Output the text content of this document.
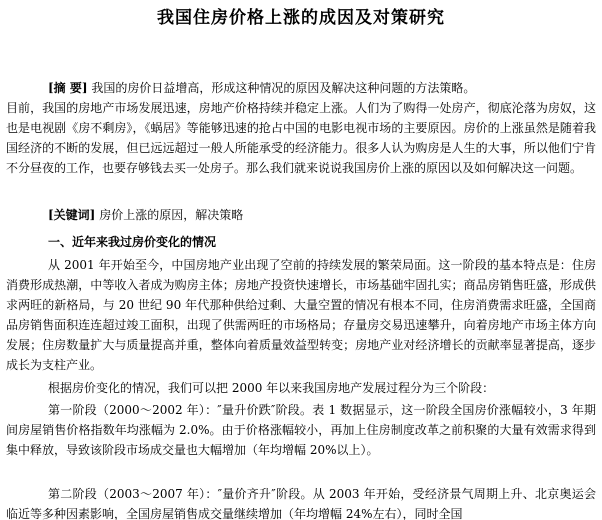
我国住房价格上涨的成因及对策研究
[摘 要] 我国的房价日益增高，形成这种情况的原因及解决这种问题的方法策略。
目前，我国的房地产市场发展迅速，房地产价格持续并稳定上涨。人们为了购得一处房产，彻底沦落为房奴，这也是电视剧《房不剩房》，《蜗居》等能够迅速的抢占中国的电影电视市场的主要原因。房价的上涨虽然是随着我国经济的不断的发展，但已远远超过一般人所能承受的经济能力。很多人认为购房是人生的大事，所以他们宁肯不分昼夜的工作，也要存够钱去买一处房子。那么我们就来说说我国房价上涨的原因以及如何解决这一问题。
[关键词] 房价上涨的原因，解决策略
一、近年来我过房价变化的情况
从 2001 年开始至今，中国房地产业出现了空前的持续发展的繁荣局面。这一阶段的基本特点是：住房消费形成热潮，中等收入者成为购房主体；房地产投资快速增长，市场基础牢固扎实；商品房销售旺盛，形成供求两旺的新格局，与 20 世纪 90 年代那种供给过剩、大量空置的情况有根本不同，住房消费需求旺盛，全国商品房销售面积连连超过竣工面积，出现了供需两旺的市场格局；存量房交易迅速攀升，向着房地产市场主体方向发展；住房数量扩大与质量提高并重，整体向着质量效益型转变；房地产业对经济增长的贡献率显著提高，逐步成长为支柱产业。
根据房价变化的情况，我们可以把 2000 年以来我国房地产发展过程分为三个阶段：
第一阶段（2000～2002 年）：″量升价跌″阶段。表 1 数据显示，这一阶段全国房价涨幅较小，3 年期间房屋销售价格指数年均涨幅为 2.0%。由于价格涨幅较小，再加上住房制度改革之前积聚的大量有效需求得到集中释放，导致该阶段市场成交量也大幅增加（年均增幅 20%以上）。
第二阶段（2003～2007 年）：″量价齐升″阶段。从 2003 年开始，受经济景气周期上升、北京奥运会临近等多种因素影响，全国房屋销售成交量继续增加（年均增幅 24%左右），同时全国
